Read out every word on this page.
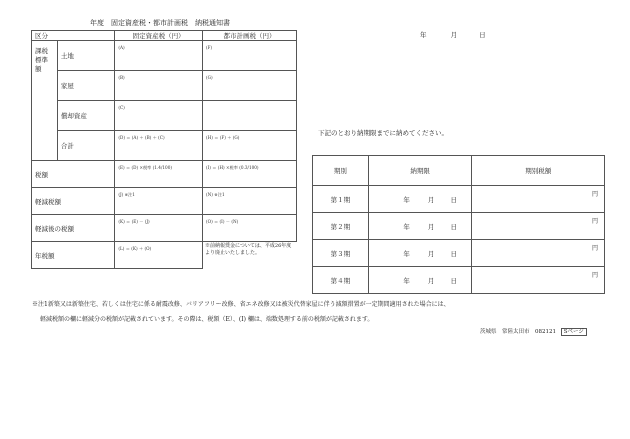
年度　固定資産税・都市計画税　納税通知書
年	月	日
区分		固定資産税（円）	都市計画税（円）
課税
標準
額	土地	(A)	(F)
	家屋	(B)	(G)
	償却資産	(C)	
	合計	(D) ＝ (A) ＋ (B) ＋ (C)	(H) ＝ (F) ＋ (G)
税額		(E) ＝ (D) ×税率 (1.4/100)	(I) ＝ (H) ×税率 (0.3/100)
軽減税額		(J) ※注1	(N) ※注1
軽減後の税額		(K) ＝ (E) － (J)	(O) ＝ (I) － (N)
年税額		(L) ＝ (K) ＋ (O)	※前納報奨金については、平成26年度より廃止いたしました。
下記のとおり納期限までに納めてください。
期別	納期限	期別税額
第１期	年 月 日	円

第２期	年 月 日	円

第３期	年 月 日	円

第４期	年 月 日	円
※注1新築又は新築住宅、若しくは住宅に係る耐震改修、バリアフリー改修、省エネ改修又は被災代替家屋に伴う減額措置が一定期間適用された場合には、
軽減税額の欄に軽減分の税額が記載されています。その際は、税額（E）、(I) 欄は、端数処理する前の税額が記載されます。
茨城県　常陸太田市　082121 Sページ
